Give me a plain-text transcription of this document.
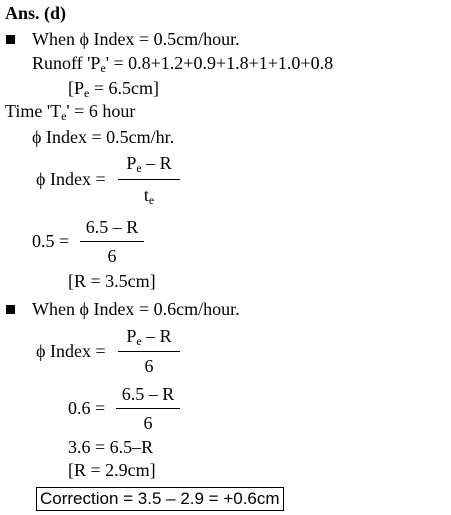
Ans. (d)
When ϕ Index = 0.5cm/hour.
Runoff '$P_e' = 0.8+1.2+0.9+1.8+1+1.0+0.8$
$[P_e = 6.5cm]$
Time '$T_e' = 6$ hour
ϕ Index = 0.5cm/hr.
ϕ Index =
$P_e$ – R
$t_e$
0.5 =
6.5 – R
6
[R = 3.5cm]
When ϕ Index = 0.6cm/hour.
ϕ Index =
$P_e$ – R
6
0.6 =
6.5 – R
6
3.6 = 6.5–R
[R = 2.9cm]
Correction = 3.5 – 2.9 = +0.6cm
